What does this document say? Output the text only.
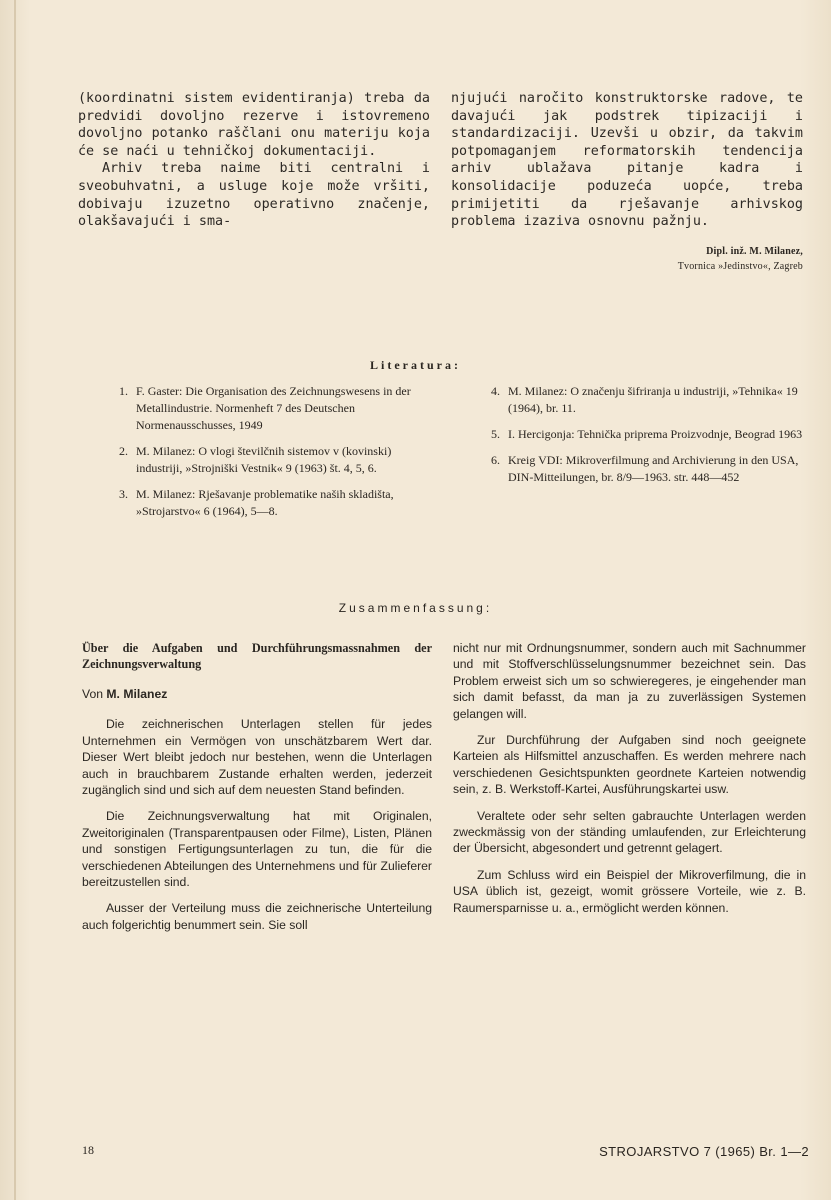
(koordinatni sistem evidentiranja) treba da predvidi dovoljno rezerve i istovremeno dovoljno potanko raščlani onu materiju koja će se naći u tehničkoj dokumentaciji.

Arhiv treba naime biti centralni i sveobuhvatni, a usluge koje može vršiti, dobivaju izuzetno operativno značenje, olakšavajući i sma-

njujući naročito konstruktorske radove, te davajući jak podstrek tipizaciji i standardizaciji. Uzevši u obzir, da takvim potpomaganjem reformatorskih tendencija arhiv ublažava pitanje kadra i konsolidacije poduzeća uopće, treba primijetiti da rješavanje arhivskog problema izaziva osnovnu pažnju.

Dipl. inž. M. Milanez,
Tvornica »Jedinstvo«, Zagreb
Literatura:
1. F. Gaster: Die Organisation des Zeichnungswesens in der Metallindustrie. Normenheft 7 des Deutschen Normenausschusses, 1949
2. M. Milanez: O vlogi številčnih sistemov v (kovinski) industriji, »Strojniški Vestnik« 9 (1963) št. 4, 5, 6.
3. M. Milanez: Rješavanje problematike naših skladišta, »Strojarstvo« 6 (1964), 5—8.
4. M. Milanez: O značenju šifriranja u industriji, »Tehnika« 19 (1964), br. 11.
5. I. Hercigonja: Tehnička priprema Proizvodnje, Beograd 1963
6. Kreig VDI: Mikroverfilmung and Archivierung in den USA, DIN-Mitteilungen, br. 8/9—1963. str. 448—452
Zusammenfassung:
Über die Aufgaben und Durchführungsmassnahmen der Zeichnungsverwaltung
Von M. Milanez

Die zeichnerischen Unterlagen stellen für jedes Unternehmen ein Vermögen von unschätzbarem Wert dar. Dieser Wert bleibt jedoch nur bestehen, wenn die Unterlagen auch in brauchbarem Zustande erhalten werden, jederzeit zugänglich sind und sich auf dem neuesten Stand befinden.

Die Zeichnungsverwaltung hat mit Originalen, Zweitoriginalen (Transparentpausen oder Filme), Listen, Plänen und sonstigen Fertigungsunterlagen zu tun, die für die verschiedenen Abteilungen des Unternehmens und für Zulieferer bereitzustellen sind.

Ausser der Verteilung muss die zeichnerische Unterteilung auch folgerichtig benummert sein. Sie soll

nicht nur mit Ordnungsnummer, sondern auch mit Sachnummer und mit Stoffverschlüsselungsnummer bezeichnet sein. Das Problem erweist sich um so schwieregeres, je eingehender man sich damit befasst, da man ja zu zuverlässigen Systemen gelangen will.

Zur Durchführung der Aufgaben sind noch geeignete Karteien als Hilfsmittel anzuschaffen. Es werden mehrere nach verschiedenen Gesichtspunkten geordnete Karteien notwendig sein, z. B. Werkstoff-Kartei, Ausführungskartei usw.

Veraltete oder sehr selten gabrauchte Unterlagen werden zweckmässig von der ständing umlaufenden, zur Erleichterung der Übersicht, abgesondert und getrennt gelagert.

Zum Schluss wird ein Beispiel der Mikroverfilmung, die in USA üblich ist, gezeigt, womit grössere Vorteile, wie z. B. Raumersparnisse u. a., ermöglicht werden können.

18	STROJARSTVO 7 (1965) Br. 1—2
